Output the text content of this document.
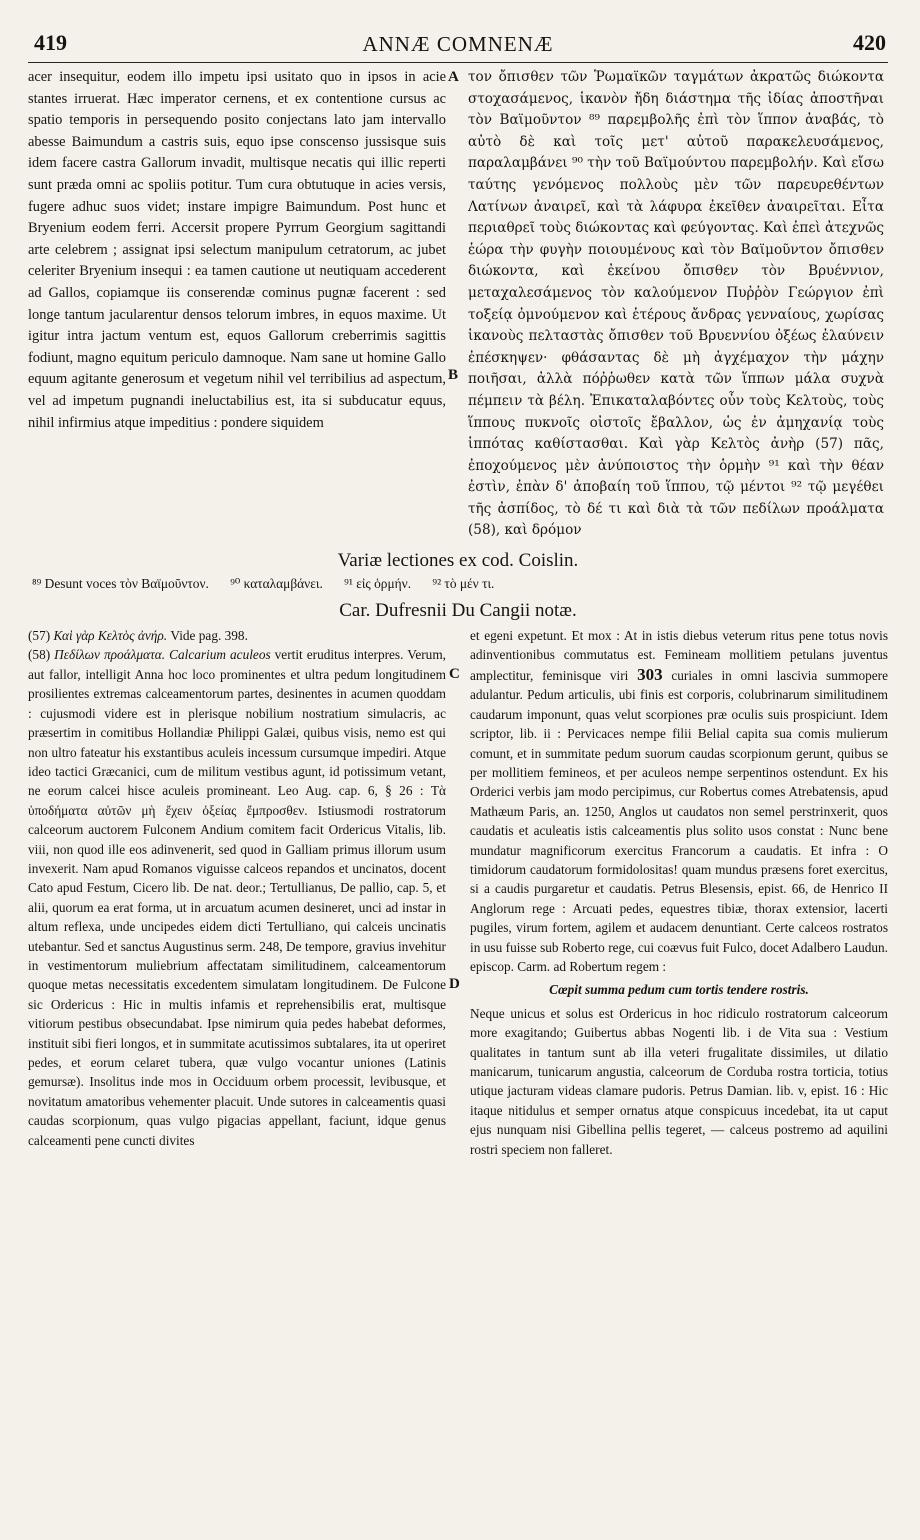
419	ANNÆ COMNENÆ	420
acer insequitur, eodem illo impetu ipsi usitato quo in ipsos in acie stantes irruerat. Hæc imperator cernens, et ex contentione cursus ac spatio temporis in persequendo posito conjectans lato jam intervallo abesse Baimundum a castris suis, equo ipse conscenso jussisque suis idem facere castra Gallorum invadit, multisque necatis qui illic reperti sunt præda omni ac spoliis potitur. Tum cura obtutuque in acies versis, fugere adhuc suos videt; instare impigre Baimundum. Post hunc et Bryenium eodem ferri. Accersit propere Pyrrum Georgium sagittandi arte celebrem ; assignat ipsi selectum manipulum cetratorum, ac jubet celeriter Bryenium insequi : ea tamen cautione ut neutiquam accederent ad Gallos, copiamque iis conserendæ cominus pugnæ facerent : sed longe tantum jacularentur densos telorum imbres, in equos maxime. Ut igitur intra jactum ventum est, equos Gallorum creberrimis sagittis fodiunt, magno equitum periculo damnoque. Nam sane ut homine Gallo equum agitante generosum et vegetum nihil vel terribilius ad aspectum, vel ad impetum pugnandi ineluctabilius est, ita si subducatur equus, nihil infirmius atque impeditius : pondere siquidem
τον ὄπισθεν τῶν Ῥωμαϊκῶν ταγμάτων ἀκρατῶς διώκοντα στοχασάμενος, ἱκανὸν ἤδη διάστημα τῆς ἰδίας ἀποστῆναι τὸν Βαϊμοῦντον ⁸⁹ παρεμβολῆς ἐπὶ τὸν ἵππον ἀναβάς, τὸ αὐτὸ δὲ καὶ τοῖς μετ' αὐτοῦ παρακελευσάμενος, παραλαμβάνει ⁹⁰ τὴν τοῦ Βαϊμούντου παρεμβολήν. Καὶ εἴσω ταύτης γενόμενος πολλοὺς μὲν τῶν παρευρεθέντων Λατίνων ἀναιρεῖ, καὶ τὰ λάφυρα ἐκεῖθεν ἀναιρεῖται. Εἶτα περιαθρεῖ τοὺς διώκοντας καὶ φεύγοντας. Καὶ ἐπεὶ ἀτεχνῶς ἑώρα τὴν φυγὴν ποιουμένους καὶ τὸν Βαϊμοῦντον ὄπισθεν διώκοντα, καὶ ἐκείνου ὄπισθεν τὸν Βρυέννιον, μεταχαλεσάμενος τὸν καλούμενον Πυῤῥὸν Γεώργιον ἐπὶ τοξείᾳ ὀμνούμενον καὶ ἑτέρους ἄνδρας γενναίους, χωρίσας ἱκανοὺς πελταστὰς ὄπισθεν τοῦ Βρυεννίου ὀξέως ἐλαύνειν ἐπέσκηψεν· φθάσαντας δὲ μὴ ἀγχέμαχον τὴν μάχην ποιῆσαι, ἀλλὰ πόῤῥωθεν κατὰ τῶν ἵππων μάλα συχνὰ πέμπειν τὰ βέλη. Ἐπικαταλαβόντες οὖν τοὺς Κελτοὺς, τοὺς ἵππους πυκνοῖς οἰστοῖς ἔβαλλον, ὡς ἐν ἀμηχανίᾳ τοὺς ἱππότας καθίστασθαι. Καὶ γὰρ Κελτὸς ἀνὴρ (57) πᾶς, ἐποχούμενος μὲν ἀνύποιστος τὴν ὁρμὴν ⁹¹ καὶ τὴν θέαν ἐστὶν, ἐπὰν δ' ἀποβαίη τοῦ ἵππου, τῷ μέντοι ⁹² τῷ μεγέθει τῆς ἀσπίδος, τὸ δέ τι καὶ διὰ τὰ τῶν πεδίλων προάλματα (58), καὶ δρόμον
A
B
Variæ lectiones ex cod. Coislin.
⁸⁹ Desunt voces τὸν Βαϊμοῦντον. ⁹⁰ καταλαμβάνει. ⁹¹ εἰς ὁρμήν. ⁹² τὸ μέν τι.
Car. Dufresnii Du Cangii notæ.

(57) Καὶ γὰρ Κελτὸς ἀνήρ. Vide pag. 398.

(58) Πεδίλων προάλματα. Calcarium aculeos vertit eruditus interpres. Verum, aut fallor, intelligit Anna hoc loco prominentes et ultra pedum longitudinem prosilientes extremas calceamentorum partes, desinentes in acumen quoddam : cujusmodi videre est in plerisque nobilium nostratium simulacris, ac præsertim in comitibus Hollandiæ Philippi Galæi, quibus visis, nemo est qui non ultro fateatur his exstantibus aculeis incessum cursumque impediri. Atque ideo tactici Græcanici, cum de militum vestibus agunt, id potissimum vetant, ne eorum calcei hisce aculeis promineant. Leo Aug. cap. 6, § 26 : Τὰ ὑποδήματα αὐτῶν μὴ ἔχειν ὀξείας ἔμπροσθεν. Istiusmodi rostratorum calceorum auctorem Fulconem Andium comitem facit Ordericus Vitalis, lib. viii, non quod ille eos adinvenerit, sed quod in Galliam primus illorum usum invexerit. Nam apud Romanos viguisse calceos repandos et uncinatos, docent Cato apud Festum, Cicero lib. De nat. deor.; Tertullianus, De pallio, cap. 5, et alii, quorum ea erat forma, ut in arcuatum acumen desineret, unci ad instar in altum reflexa, unde uncipedes eidem dicti Tertulliano, qui calceis uncinatis utebantur. Sed et sanctus Augustinus serm. 248, De tempore, gravius invehitur in vestimentorum muliebrium affectatam similitudinem, calceamentorum quoque metas necessitatis excedentem simulatam longitudinem. De Fulcone sic Ordericus : Hic in multis infamis et reprehensibilis erat, multisque vitiorum pestibus obsecundabat. Ipse nimirum quia pedes habebat deformes, instituit sibi fieri longos, et in summitate acutissimos subtalares, ita ut operiret pedes, et eorum celaret tubera, quæ vulgo vocantur uniones (Latinis gemursæ). Insolitus inde mos in Occiduum orbem processit, levibusque, et novitatum amatoribus vehementer placuit. Unde sutores in calceamentis quasi caudas scorpionum, quas vulgo pigacias appellant, faciunt, idque genus calceamenti pene cuncti divites

et egeni expetunt. Et mox : At in istis diebus veterum ritus pene totus novis adinventionibus commutatus est. Femineam mollitiem petulans juventus amplectitur, feminisque viri 303 curiales in omni lascivia summopere adulantur. Pedum articulis, ubi finis est corporis, colubrinarum similitudinem caudarum imponunt, quas velut scorpiones præ oculis suis prospiciunt. Idem scriptor, lib. ii : Pervicaces nempe filii Belial capita sua comis mulierum comunt, et in summitate pedum suorum caudas scorpionum gerunt, quibus se per mollitiem femineos, et per aculeos nempe serpentinos ostendunt. Ex his Orderici verbis jam modo percipimus, cur Robertus comes Atrebatensis, apud Mathæum Paris, an. 1250, Anglos ut caudatos non semel perstrinxerit, quos caudatis et aculeatis istis calceamentis plus solito usos constat : Nunc bene mundatur magnificorum exercitus Francorum a caudatis. Et infra : O timidorum caudatorum formidolositas! quam mundus præsens foret exercitus, si a caudis purgaretur et caudatis. Petrus Blesensis, epist. 66, de Henrico II Anglorum rege : Arcuati pedes, equestres tibiæ, thorax extensior, lacerti pugiles, virum fortem, agilem et audacem denuntiant. Certe calceos rostratos in usu fuisse sub Roberto rege, cui coævus fuit Fulco, docet Adalbero Laudun. episcop. Carm. ad Robertum regem :

Cœpit summa pedum cum tortis tendere rostris.

Neque unicus et solus est Ordericus in hoc ridiculo rostratorum calceorum more exagitando; Guibertus abbas Nogenti lib. i de Vita sua : Vestium qualitates in tantum sunt ab illa veteri frugalitate dissimiles, ut dilatio manicarum, tunicarum angustia, calceorum de Corduba rostra torticia, totius utique jacturam videas clamare pudoris. Petrus Damian. lib. v, epist. 16 : Hic itaque nitidulus et semper ornatus atque conspicuus incedebat, ita ut caput ejus nunquam nisi Gibellina pellis tegeret, — calceus postremo ad aquilini rostri speciem non falleret.

C
D
